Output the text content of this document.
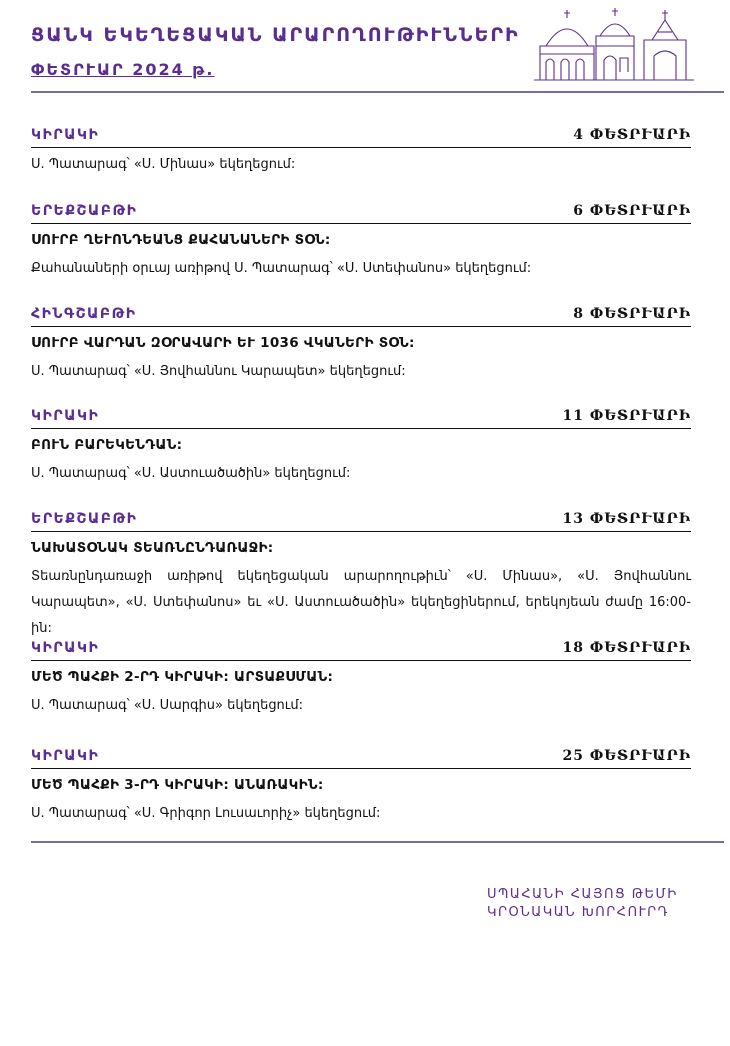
ՑԱՆԿ ԵԿԵՂԵՑԱԿԱՆ ԱՐԱՐՈՂՈՒԹԻՒՆՆԵՐԻ
ՓԵՏՐՒԱՐ 2024 թ.
ԿԻՐԱԿԻ	4 ՓԵՏՐՒԱՐԻ
Ս. Պատարագ՝ «Ս. Մինաս» եկեղեցում:
ԵՐԵՔՇԱԲԹԻ	6 ՓԵՏՐՒԱՐԻ
ՍՈՒՐԲ ՂԵՒՈՆԴԵԱՆՑ ՔԱՀԱՆԱՆԵՐԻ ՏՕՆ:
Քահանաների օրւայ առիթով Ս. Պատարագ՝ «Ս. Ստեփանոս» եկեղեցում:
ՀԻՆԳՇԱԲԹԻ	8 ՓԵՏՐՒԱՐԻ
ՍՈՒՐԲ ՎԱՐԴԱՆ ԶՕՐԱՎԱՐԻ ԵՒ 1036 ՎԿԱՆԵՐԻ ՏՕՆ:
Ս. Պատարագ՝ «Ս. Յովհաննու Կարապետ» եկեղեցում:
ԿԻՐԱԿԻ	11 ՓԵՏՐՒԱՐԻ
ԲՈՒՆ ԲԱՐԵԿԵՆԴԱՆ:
Ս. Պատարագ՝ «Ս. Աստուածածին» եկեղեցում:
ԵՐԵՔՇԱԲԹԻ	13 ՓԵՏՐՒԱՐԻ
ՆԱԽԱՏՕՆԱԿ ՏԵԱՌՆԸՆԴԱՌԱՋԻ:
Տեառնընդառաջի առիթով եկեղեցական արարողութիւն՝ «Ս. Մինաս», «Ս. Յովհաննու Կարապետ», «Ս. Ստեփանոս» եւ «Ս. Աստուածածին» եկեղեցիներում, երեկոյեան ժամը 16:00-ին:
ԿԻՐԱԿԻ	18 ՓԵՏՐՒԱՐԻ
ՄԵԾ ՊԱՀՔԻ 2-ՐԴ ԿԻՐԱԿԻ: ԱՐՏԱՔՍՄԱՆ:
Ս. Պատարագ՝ «Ս. Սարգիս» եկեղեցում:
ԿԻՐԱԿԻ	25 ՓԵՏՐՒԱՐԻ
ՄԵԾ ՊԱՀՔԻ 3-ՐԴ ԿԻՐԱԿԻ: ԱՆԱՌԱԿԻՆ:
Ս. Պատարագ՝ «Ս. Գրիգոր Լուսաւորիչ» եկեղեցում:
ՍՊԱՀԱՆԻ ՀԱՅՈՑ ԹԵՄԻ
ԿՐՕՆԱԿԱՆ ԽՈՐՀՈՒՐԴ
